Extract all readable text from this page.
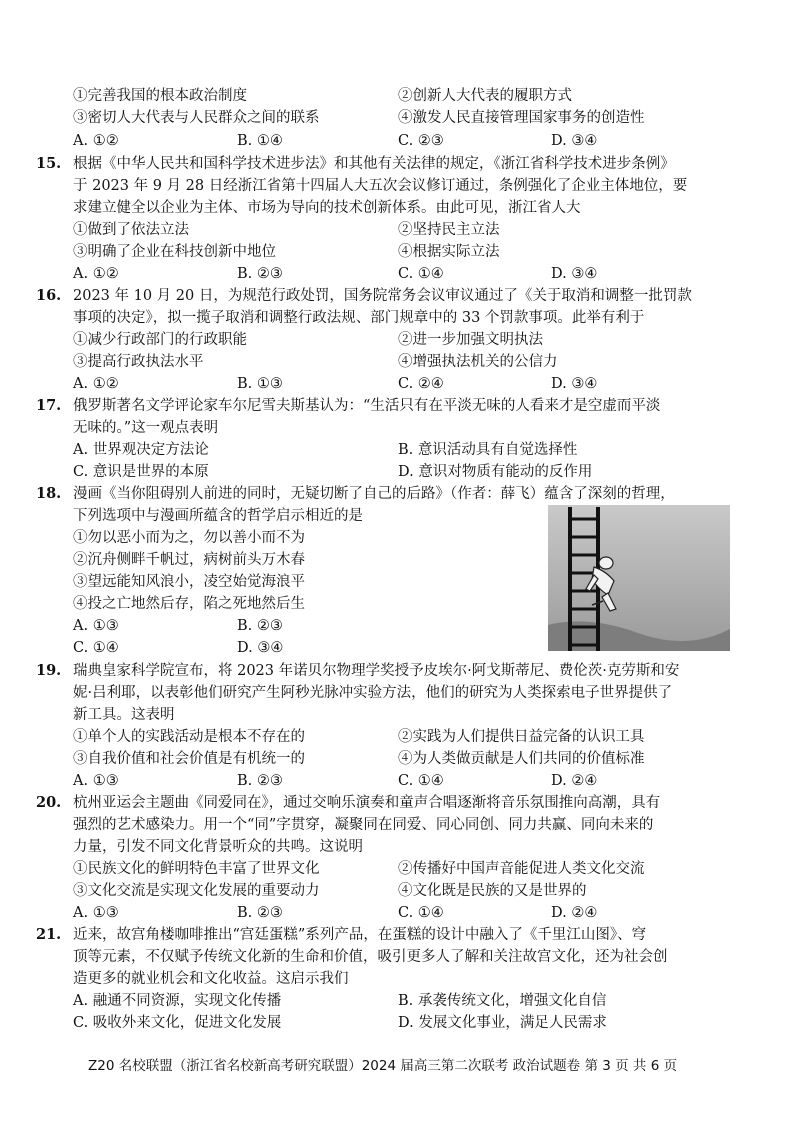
①完善我国的根本政治制度	②创新人大代表的履职方式
③密切人大代表与人民群众之间的联系	④激发人民直接管理国家事务的创造性
A. ①②	B. ①④	C. ②③	D. ③④
15. 根据《中华人民共和国科学技术进步法》和其他有关法律的规定，《浙江省科学技术进步条例》
于 2023 年 9 月 28 日经浙江省第十四届人大五次会议修订通过，条例强化了企业主体地位，要
求建立健全以企业为主体、市场为导向的技术创新体系。由此可见，浙江省人大
①做到了依法立法	②坚持民主立法
③明确了企业在科技创新中地位	④根据实际立法
A. ①②	B. ②③	C. ①④	D. ③④
16. 2023 年 10 月 20 日，为规范行政处罚，国务院常务会议审议通过了《关于取消和调整一批罚款
事项的决定》，拟一揽子取消和调整行政法规、部门规章中的 33 个罚款事项。此举有利于
①减少行政部门的行政职能	②进一步加强文明执法
③提高行政执法水平	④增强执法机关的公信力
A. ①②	B. ①③	C. ②④	D. ③④
17. 俄罗斯著名文学评论家车尔尼雪夫斯基认为：“生活只有在平淡无味的人看来才是空虚而平淡
无味的。”这一观点表明
A. 世界观决定方法论	B. 意识活动具有自觉选择性
C. 意识是世界的本原	D. 意识对物质有能动的反作用
18. 漫画《当你阻碍别人前进的同时，无疑切断了自己的后路》（作者：薛飞）蕴含了深刻的哲理，
下列选项中与漫画所蕴含的哲学启示相近的是
①勿以恶小而为之，勿以善小而不为
②沉舟侧畔千帆过，病树前头万木春
③望远能知风浪小，凌空始觉海浪平
④投之亡地然后存，陷之死地然后生
A. ①③	B. ②③
C. ①④	D. ③④
19. 瑞典皇家科学院宣布，将 2023 年诺贝尔物理学奖授予皮埃尔·阿戈斯蒂尼、费伦茨·克劳斯和安
妮·吕利耶，以表彰他们研究产生阿秒光脉冲实验方法，他们的研究为人类探索电子世界提供了
新工具。这表明
①单个人的实践活动是根本不存在的	②实践为人们提供日益完备的认识工具
③自我价值和社会价值是有机统一的	④为人类做贡献是人们共同的价值标准
A. ①③	B. ②③	C. ①④	D. ②④
20. 杭州亚运会主题曲《同爱同在》，通过交响乐演奏和童声合唱逐渐将音乐氛围推向高潮，具有
强烈的艺术感染力。用一个“同”字贯穿，凝聚同在同爱、同心同创、同力共赢、同向未来的
力量，引发不同文化背景听众的共鸣。这说明
①民族文化的鲜明特色丰富了世界文化	②传播好中国声音能促进人类文化交流
③文化交流是实现文化发展的重要动力	④文化既是民族的又是世界的
A. ①③	B. ②③	C. ①④	D. ②④
21. 近来，故宫角楼咖啡推出“宫廷蛋糕”系列产品，在蛋糕的设计中融入了《千里江山图》、穹
顶等元素，不仅赋予传统文化新的生命和价值，吸引更多人了解和关注故宫文化，还为社会创
造更多的就业机会和文化收益。这启示我们
A. 融通不同资源，实现文化传播	B. 承袭传统文化，增强文化自信
C. 吸收外来文化，促进文化发展	D. 发展文化事业，满足人民需求
Z20 名校联盟（浙江省名校新高考研究联盟）2024 届高三第二次联考 政治试题卷 第 3 页 共 6 页
